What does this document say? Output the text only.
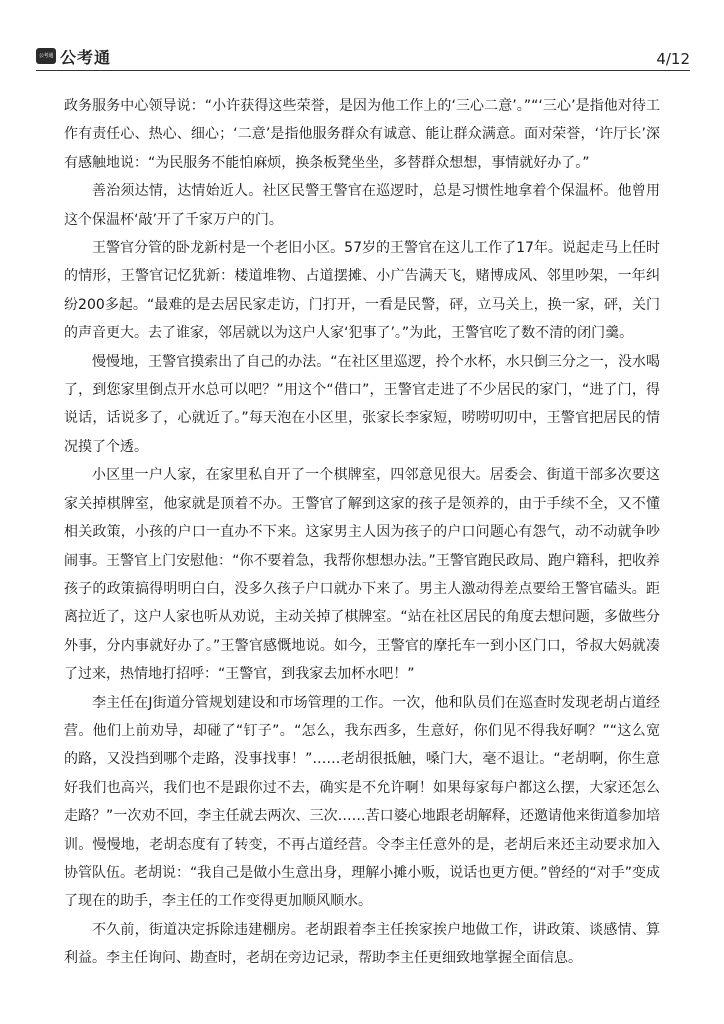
公考通 公考通	4/12

政务服务中心领导说：“小许获得这些荣誉，是因为他工作上的‘三心二意’。”“‘三心’是指他对待工作有责任心、热心、细心；‘二意’是指他服务群众有诚意、能让群众满意。面对荣誉，‘许厅长’深有感触地说：“为民服务不能怕麻烦，换条板凳坐坐，多替群众想想，事情就好办了。”

善治须达情，达情始近人。社区民警王警官在巡逻时，总是习惯性地拿着个保温杯。他曾用这个保温杯‘敲’开了千家万户的门。

王警官分管的卧龙新村是一个老旧小区。57岁的王警官在这儿工作了17年。说起走马上任时的情形，王警官记忆犹新：楼道堆物、占道摆摊、小广告满天飞，赌博成风、邻里吵架，一年纠纷200多起。“最难的是去居民家走访，门打开，一看是民警，砰，立马关上，换一家，砰，关门的声音更大。去了谁家，邻居就以为这户人家‘犯事了’。”为此，王警官吃了数不清的闭门羹。

慢慢地，王警官摸索出了自己的办法。“在社区里巡逻，拎个水杯，水只倒三分之一，没水喝了，到您家里倒点开水总可以吧？”用这个“借口”，王警官走进了不少居民的家门，“进了门，得说话，话说多了，心就近了。”每天泡在小区里，张家长李家短，唠唠叨叨中，王警官把居民的情况摸了个透。

小区里一户人家，在家里私自开了一个棋牌室，四邻意见很大。居委会、街道干部多次要这家关掉棋牌室，他家就是顶着不办。王警官了解到这家的孩子是领养的，由于手续不全，又不懂相关政策，小孩的户口一直办不下来。这家男主人因为孩子的户口问题心有怨气，动不动就争吵闹事。王警官上门安慰他：“你不要着急，我帮你想想办法。”王警官跑民政局、跑户籍科，把收养孩子的政策搞得明明白白，没多久孩子户口就办下来了。男主人激动得差点要给王警官磕头。距离拉近了，这户人家也听从劝说，主动关掉了棋牌室。“站在社区居民的角度去想问题，多做些分外事，分内事就好办了。”王警官感慨地说。如今，王警官的摩托车一到小区门口，爷叔大妈就凑了过来，热情地打招呼：“王警官，到我家去加杯水吧！”

李主任在J街道分管规划建设和市场管理的工作。一次，他和队员们在巡查时发现老胡占道经营。他们上前劝导，却碰了“钉子”。“怎么，我东西多，生意好，你们见不得我好啊？”“这么宽的路，又没挡到哪个走路，没事找事！”……老胡很抵触，嗓门大，毫不退让。“老胡啊，你生意好我们也高兴，我们也不是跟你过不去，确实是不允许啊！如果每家每户都这么摆，大家还怎么走路？”一次劝不回，李主任就去两次、三次……苦口婆心地跟老胡解释，还邀请他来街道参加培训。慢慢地，老胡态度有了转变，不再占道经营。令李主任意外的是，老胡后来还主动要求加入协管队伍。老胡说：“我自己是做小生意出身，理解小摊小贩，说话也更方便。”曾经的“对手”变成了现在的助手，李主任的工作变得更加顺风顺水。

不久前，街道决定拆除违建棚房。老胡跟着李主任挨家挨户地做工作，讲政策、谈感情、算利益。李主任询问、勘查时，老胡在旁边记录，帮助李主任更细致地掌握全面信息。
